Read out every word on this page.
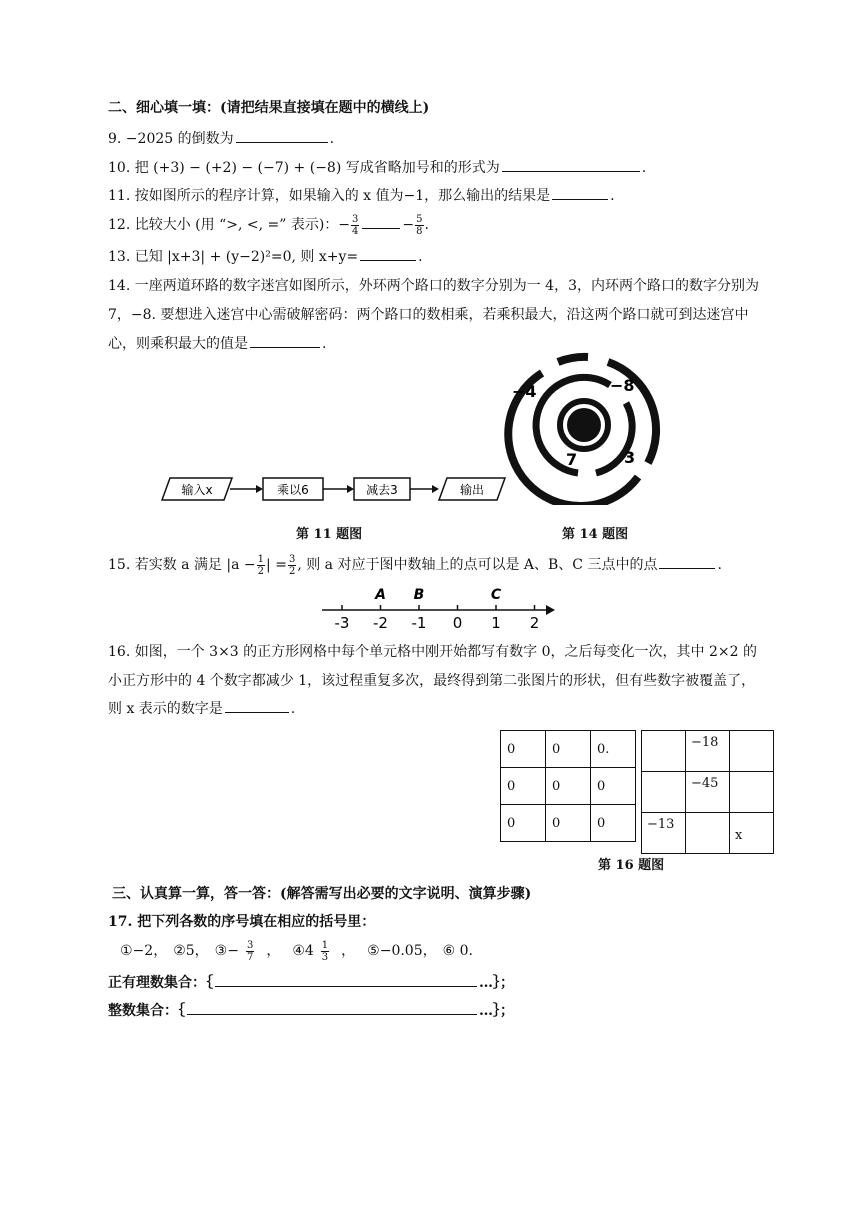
二、细心填一填：(请把结果直接填在题中的横线上)
9. −2025 的倒数为	.
10. 把 (+3) − (+2) − (−7) + (−8) 写成省略加号和的形式为	.
11. 按如图所示的程序计算，如果输入的 x 值为−1，那么输出的结果是	.
12. 比较大小 (用 “>, <, =” 表示)：− $\frac{3}{4}$	− $\frac{5}{8}$ .
13. 已知 |x+3| + (y−2)²=0, 则 x+y=	.
14. 一座两道环路的数字迷宫如图所示，外环两个路口的数字分别为一 4，3，内环两个路口的数字分别为
7，−8. 要想进入迷宫中心需破解密码：两个路口的数相乘，若乘积最大，沿这两个路口就可到达迷宫中
心，则乘积最大的值是	.
输入x	乘以6	减去3	输出
第 11 题图
−4	−8
7	3
第 14 题图
15. 若实数 a 满足 $|a - \frac{1}{2}$ | = $\frac{3}{2}$ , 则 a 对应于图中数轴上的点可以是 A、B、C 三点中的点	.
-3 -2 -1 0 1 2
A B	C
16. 如图，一个 3×3 的正方形网格中每个单元格中刚开始都写有数字 0，之后每变化一次，其中 2×2 的
小正方形中的 4 个数字都减少 1，该过程重复多次，最终得到第二张图片的形状，但有些数字被覆盖了，
则 x 表示的数字是	.
0	0	0.
0	0	0
0	0	0
	−18	
	−45	
−13		x
第 16 题图
三、认真算一算，答一答：(解答需写出必要的文字说明、演算步骤)
17. 把下列各数的序号填在相应的括号里：
①−2， ②5， ③− $\frac{3}{7}$ ， ④4 $\frac{1}{3}$ ， ⑤−0.05， ⑥ 0.
正有理数集合：｛	…｝；
整数集合：｛	…｝；
